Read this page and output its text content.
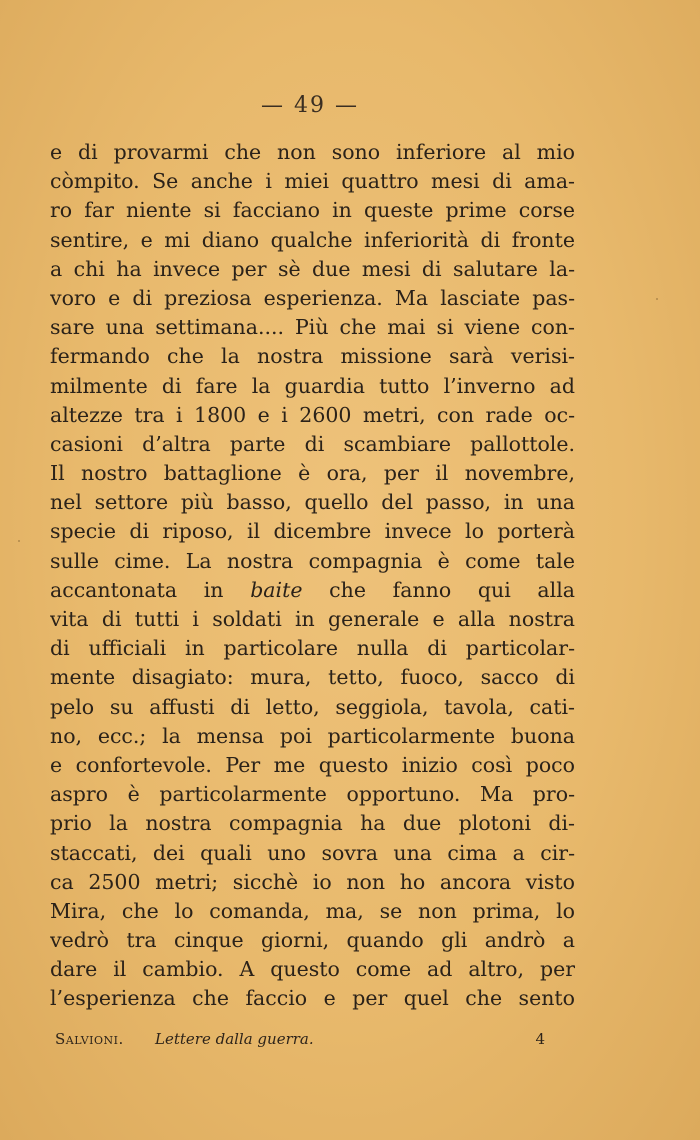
— 49 —
e di provarmi che non sono inferiore al mio
còmpito. Se anche i miei quattro mesi di ama-
ro far niente si facciano in queste prime corse
sentire, e mi diano qualche inferiorità di fronte
a chi ha invece per sè due mesi di salutare la-
voro e di preziosa esperienza. Ma lasciate pas-
sare una settimana.... Più che mai si viene con-
fermando che la nostra missione sarà verisi-
milmente di fare la guardia tutto l’inverno ad
altezze tra i 1800 e i 2600 metri, con rade oc-
casioni d’altra parte di scambiare pallottole.
Il nostro battaglione è ora, per il novembre,
nel settore più basso, quello del passo, in una
specie di riposo, il dicembre invece lo porterà
sulle cime. La nostra compagnia è come tale
accantonata in baite che fanno qui alla
vita di tutti i soldati in generale e alla nostra
di ufficiali in particolare nulla di particolar-
mente disagiato: mura, tetto, fuoco, sacco di
pelo su affusti di letto, seggiola, tavola, cati-
no, ecc.; la mensa poi particolarmente buona
e confortevole. Per me questo inizio così poco
aspro è particolarmente opportuno. Ma pro-
prio la nostra compagnia ha due plotoni di-
staccati, dei quali uno sovra una cima a cir-
ca 2500 metri; sicchè io non ho ancora visto
Mira, che lo comanda, ma, se non prima, lo
vedrò tra cinque giorni, quando gli andrò a
dare il cambio. A questo come ad altro, per
l’esperienza che faccio e per quel che sento
Salvioni. Lettere dalla guerra.	4
